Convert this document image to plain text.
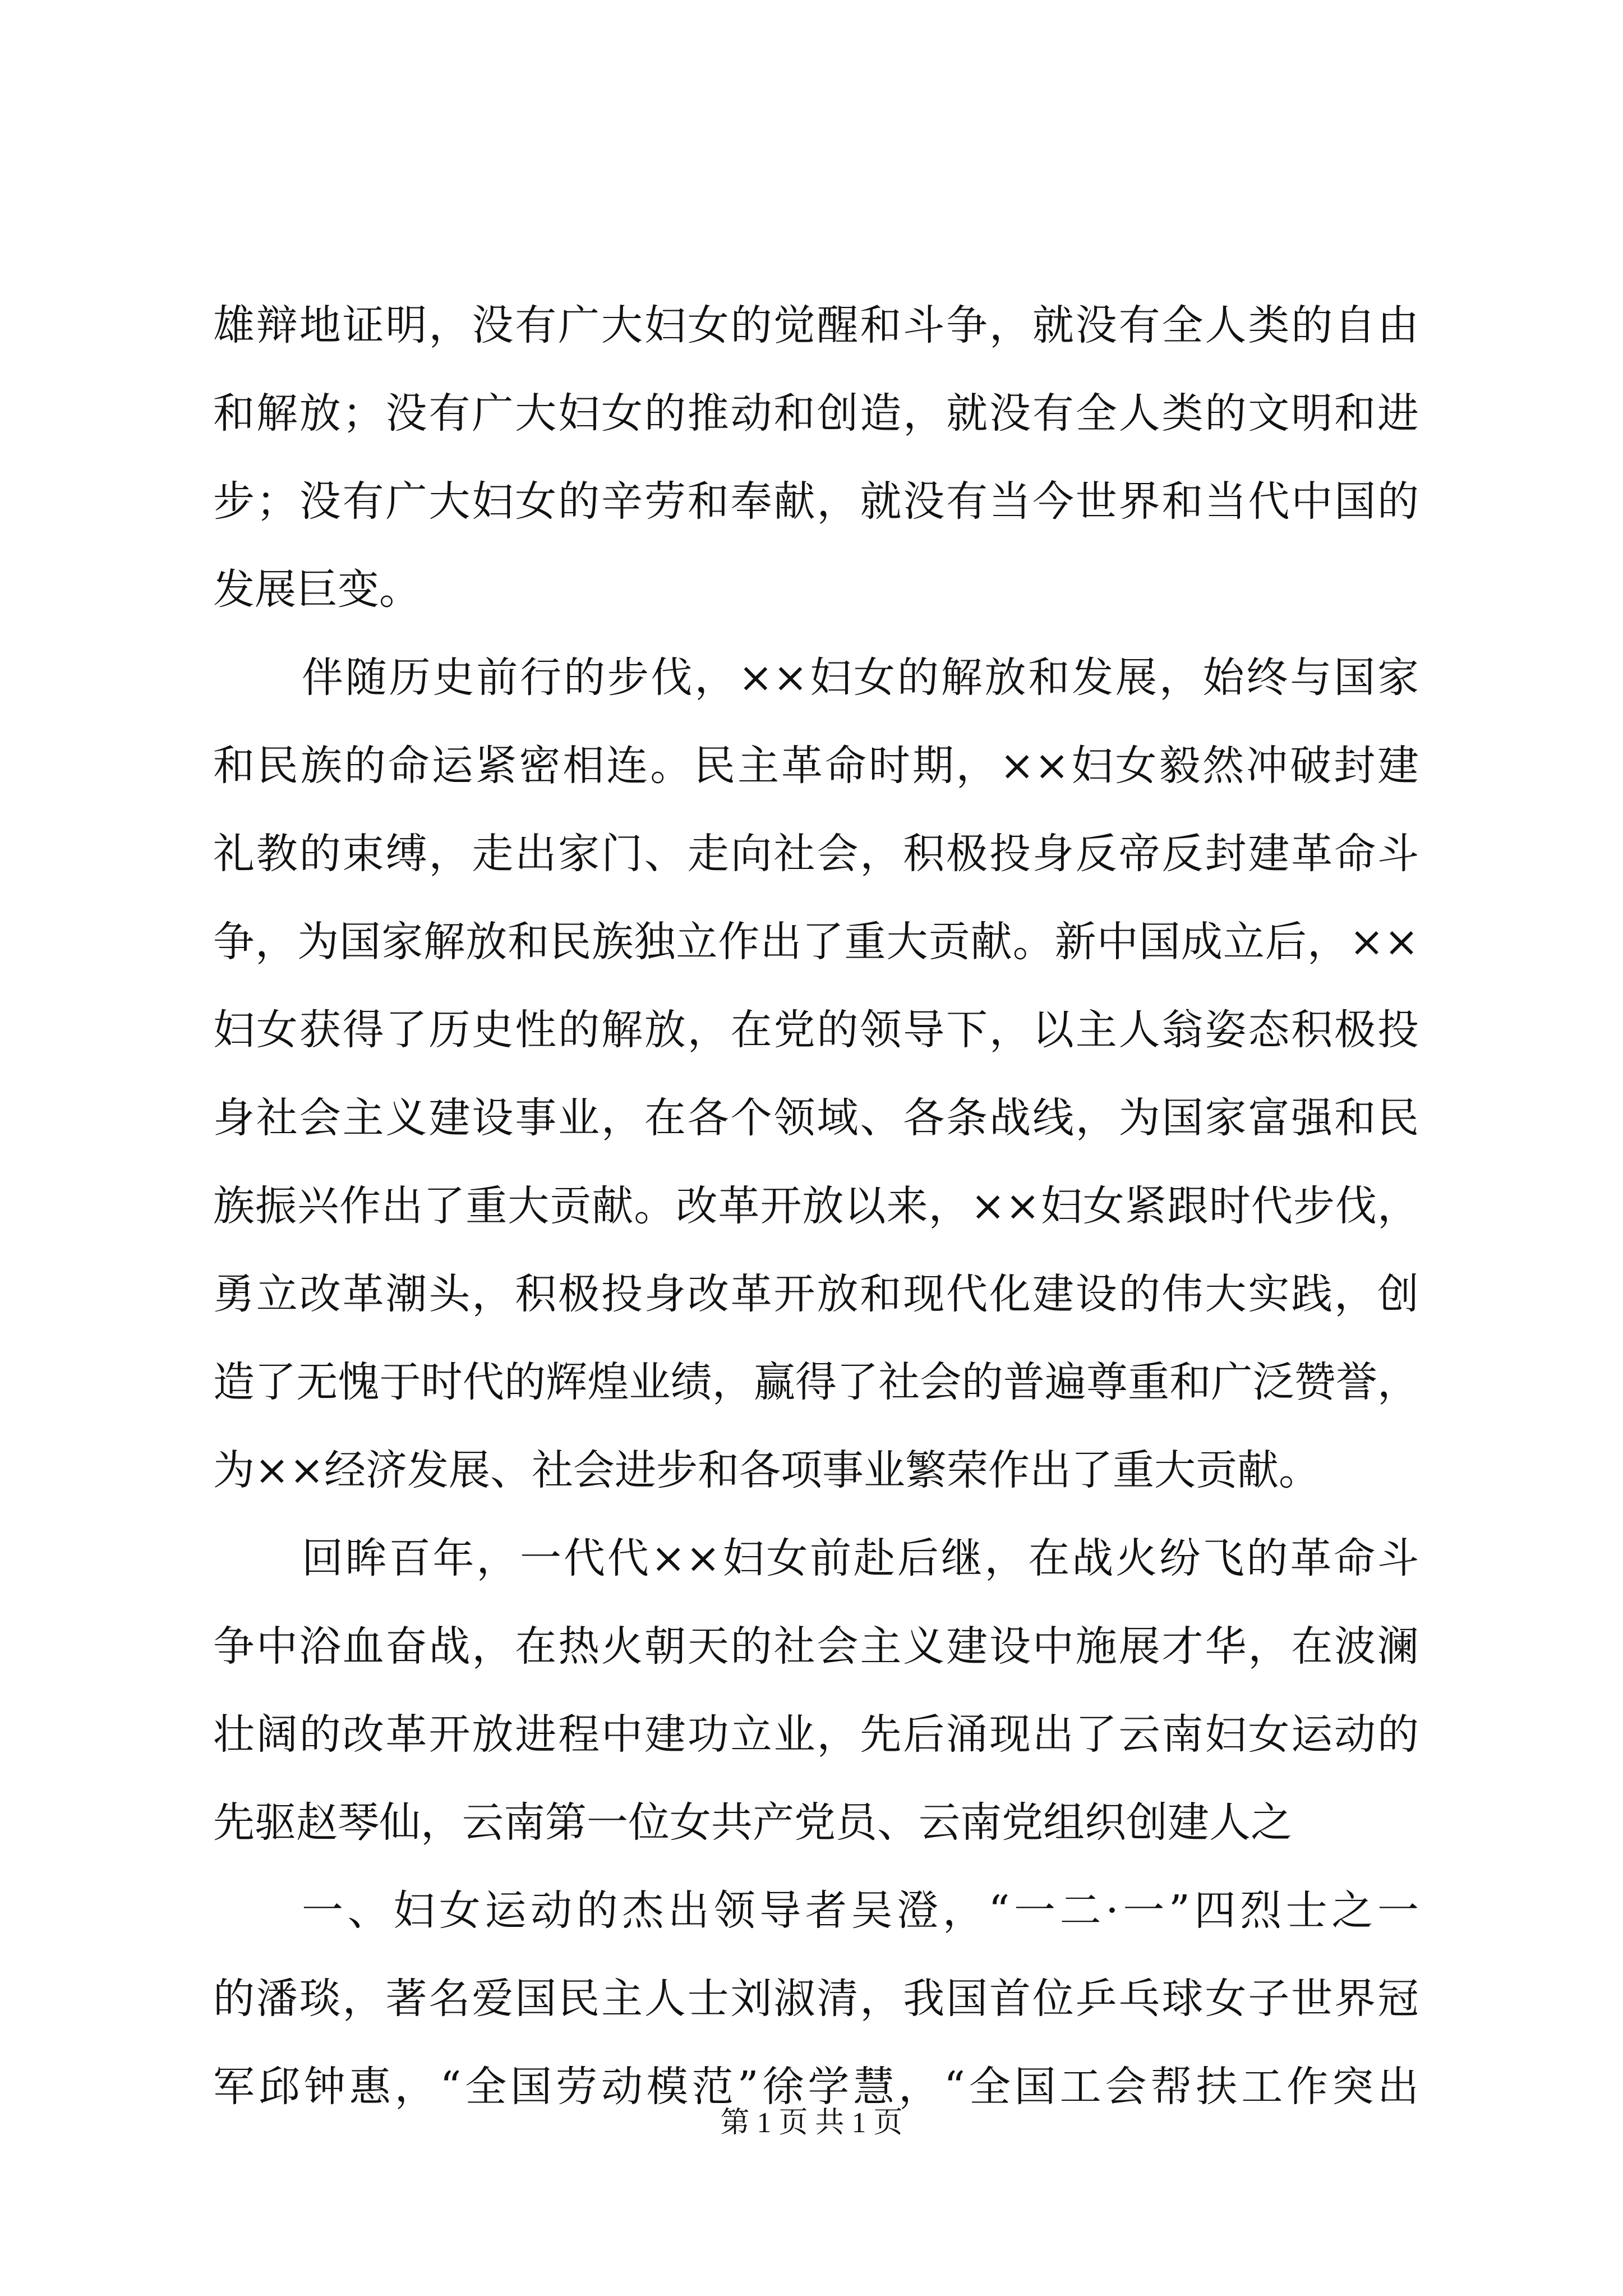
雄辩地证明，没有广大妇女的觉醒和斗争，就没有全人类的自由
和解放；没有广大妇女的推动和创造，就没有全人类的文明和进
步；没有广大妇女的辛劳和奉献，就没有当今世界和当代中国的
发展巨变。
伴随历史前行的步伐，××妇女的解放和发展，始终与国家
和民族的命运紧密相连。民主革命时期，××妇女毅然冲破封建
礼教的束缚，走出家门、走向社会，积极投身反帝反封建革命斗
争，为国家解放和民族独立作出了重大贡献。新中国成立后，××
妇女获得了历史性的解放，在党的领导下，以主人翁姿态积极投
身社会主义建设事业，在各个领域、各条战线，为国家富强和民
族振兴作出了重大贡献。改革开放以来，××妇女紧跟时代步伐，
勇立改革潮头，积极投身改革开放和现代化建设的伟大实践，创
造了无愧于时代的辉煌业绩，赢得了社会的普遍尊重和广泛赞誉，
为××经济发展、社会进步和各项事业繁荣作出了重大贡献。
回眸百年，一代代××妇女前赴后继，在战火纷飞的革命斗
争中浴血奋战，在热火朝天的社会主义建设中施展才华，在波澜
壮阔的改革开放进程中建功立业，先后涌现出了云南妇女运动的
先驱赵琴仙，云南第一位女共产党员、云南党组织创建人之
一、妇女运动的杰出领导者吴澄，“一二·一”四烈士之一
的潘琰，著名爱国民主人士刘淑清，我国首位乒乓球女子世界冠
军邱钟惠，“全国劳动模范”徐学慧，“全国工会帮扶工作突出
第 1 页 共 1 页
